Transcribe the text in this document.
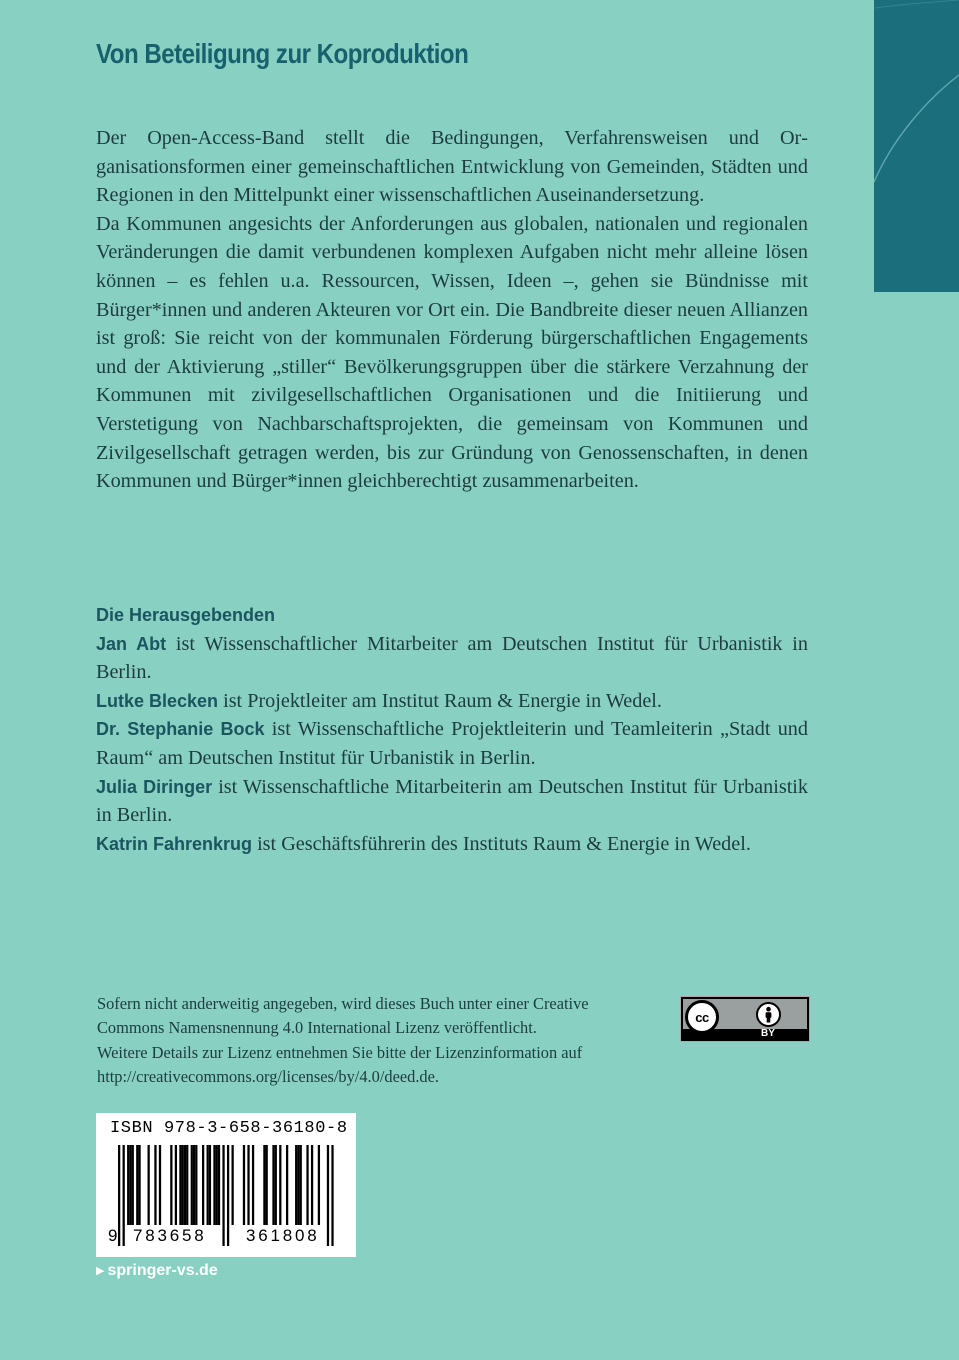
Von Beteiligung zur Koproduktion

Der Open-Access-Band stellt die Bedingungen, Verfahrensweisen und Organisationsformen einer gemeinschaftlichen Entwicklung von Gemeinden, Städten und Regionen in den Mittelpunkt einer wissenschaftlichen Auseinandersetzung.

Da Kommunen angesichts der Anforderungen aus globalen, nationalen und regionalen Veränderungen die damit verbundenen komplexen Aufgaben nicht mehr alleine lösen können – es fehlen u.a. Ressourcen, Wissen, Ideen –, gehen sie Bündnisse mit Bürger*innen und anderen Akteuren vor Ort ein. Die Bandbreite dieser neuen Allianzen ist groß: Sie reicht von der kommunalen Förderung bürgerschaftlichen Engagements und der Aktivierung „stiller“ Bevölkerungsgruppen über die stärkere Verzahnung der Kommunen mit zivilgesellschaftlichen Organisationen und die Initiierung und Verstetigung von Nachbarschaftsprojekten, die gemeinsam von Kommunen und Zivilgesellschaft getragen werden, bis zur Gründung von Genossenschaften, in denen Kommunen und Bürger*innen gleichberechtigt zusammenarbeiten.

Die Herausgebenden

Jan Abt ist Wissenschaftlicher Mitarbeiter am Deutschen Institut für Urbanistik in Berlin.

Lutke Blecken ist Projektleiter am Institut Raum & Energie in Wedel.

Dr. Stephanie Bock ist Wissenschaftliche Projektleiterin und Teamleiterin „Stadt und Raum“ am Deutschen Institut für Urbanistik in Berlin.

Julia Diringer ist Wissenschaftliche Mitarbeiterin am Deutschen Institut für Urbanistik in Berlin.

Katrin Fahrenkrug ist Geschäftsführerin des Instituts Raum & Energie in Wedel.

Sofern nicht anderweitig angegeben, wird dieses Buch unter einer Creative

Commons Namensnennung 4.0 International Lizenz veröffentlicht.

Weitere Details zur Lizenz entnehmen Sie bitte der Lizenzinformation auf

http://creativecommons.org/licenses/by/4.0/deed.de.

cc
BY

ISBN 978-3-658-36180-8

9 783658 361808

▶ springer-vs.de
